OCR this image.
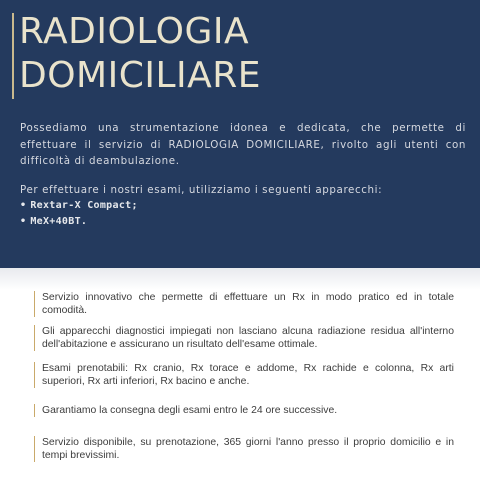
RADIOLOGIA
DOMICILIARE

Possediamo una strumentazione idonea e dedicata, che permette di effettuare il servizio di RADIOLOGIA DOMICILIARE, rivolto agli utenti con difficoltà di deambulazione.

Per effettuare i nostri esami, utilizziamo i seguenti apparecchi:

• Rextar-X Compact;
• MeX+40BT.
Servizio innovativo che permette di effettuare un Rx in modo pratico ed in totale comodità.
Gli apparecchi diagnostici impiegati non lasciano alcuna radiazione residua all'interno dell'abitazione e assicurano un risultato dell'esame ottimale.
Esami prenotabili: Rx cranio, Rx torace e addome, Rx rachide e colonna, Rx arti superiori, Rx arti inferiori, Rx bacino e anche.
Garantiamo la consegna degli esami entro le 24 ore successive.
Servizio disponibile, su prenotazione, 365 giorni l'anno presso il proprio domicilio e in tempi brevissimi.
